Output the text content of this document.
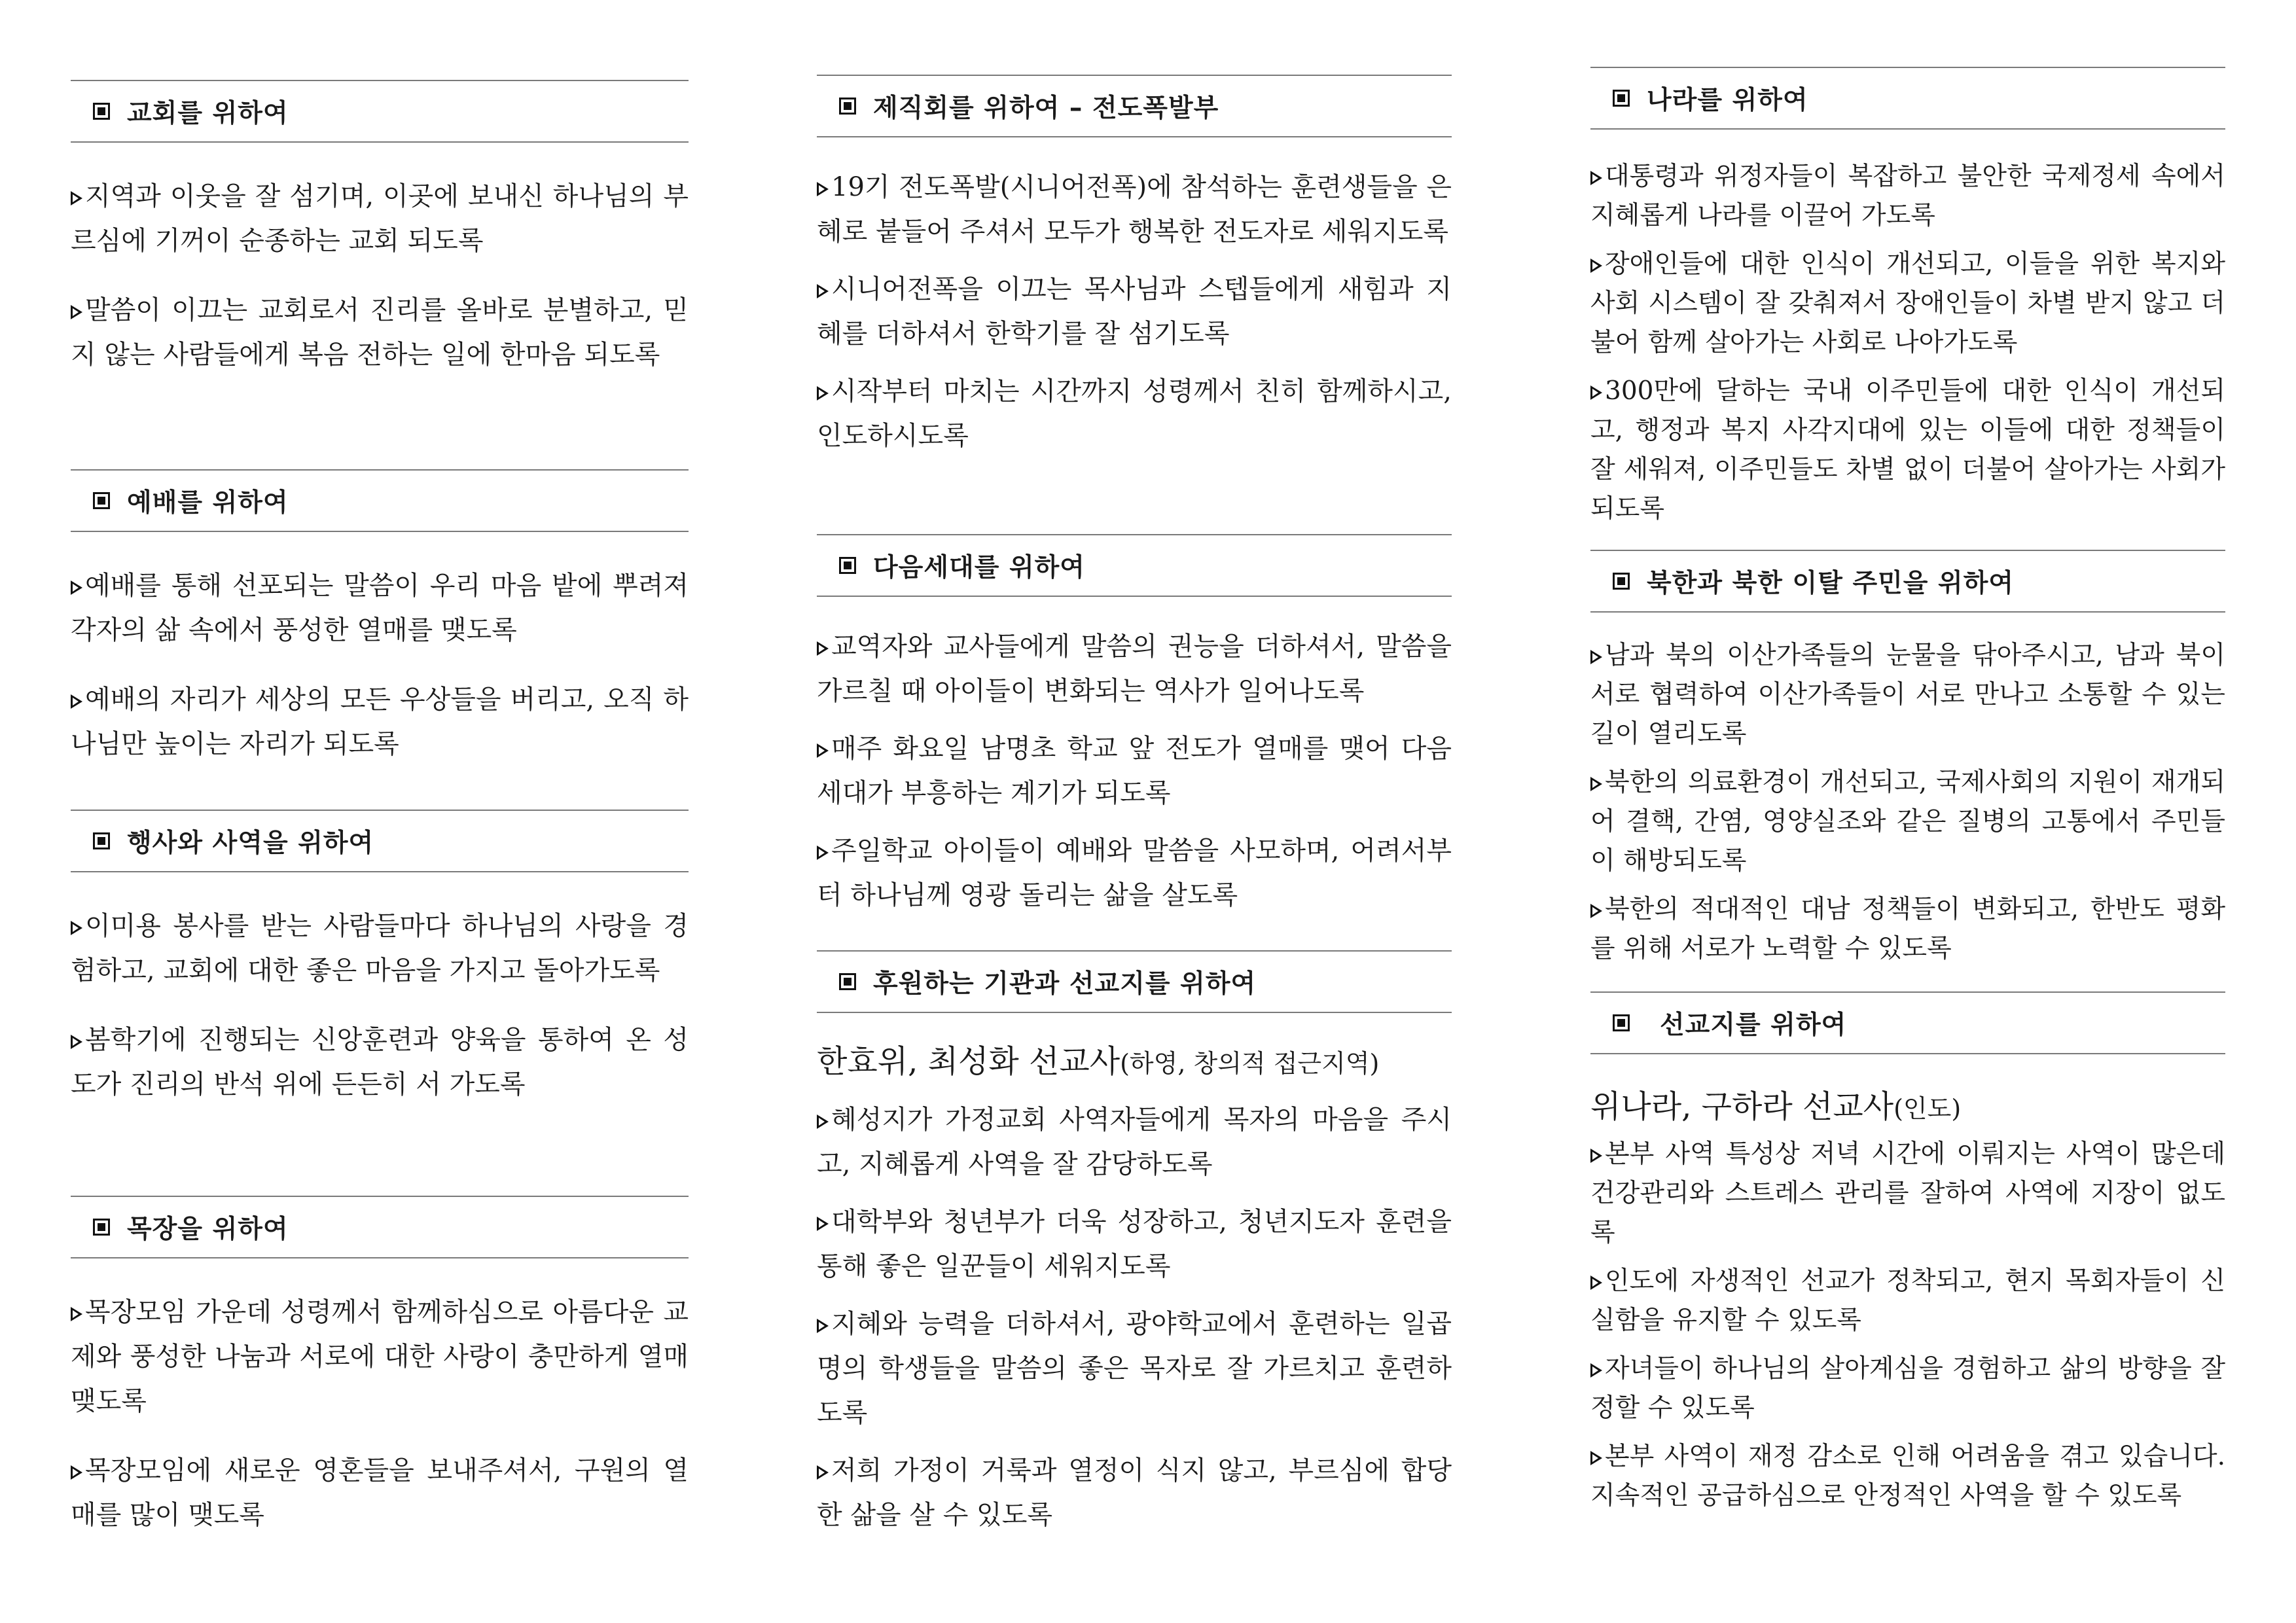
교회를 위하여

지역과 이웃을 잘 섬기며, 이곳에 보내신 하나님의 부르심에 기꺼이 순종하는 교회 되도록

말씀이 이끄는 교회로서 진리를 올바로 분별하고, 믿지 않는 사람들에게 복음 전하는 일에 한마음 되도록

예배를 위하여

예배를 통해 선포되는 말씀이 우리 마음 밭에 뿌려져 각자의 삶 속에서 풍성한 열매를 맺도록

예배의 자리가 세상의 모든 우상들을 버리고, 오직 하나님만 높이는 자리가 되도록

행사와 사역을 위하여

이미용 봉사를 받는 사람들마다 하나님의 사랑을 경험하고, 교회에 대한 좋은 마음을 가지고 돌아가도록

봄학기에 진행되는 신앙훈련과 양육을 통하여 온 성도가 진리의 반석 위에 든든히 서 가도록

목장을 위하여

목장모임 가운데 성령께서 함께하심으로 아름다운 교제와 풍성한 나눔과 서로에 대한 사랑이 충만하게 열매 맺도록

목장모임에 새로운 영혼들을 보내주셔서, 구원의 열매를 많이 맺도록

제직회를 위하여 – 전도폭발부

19기 전도폭발(시니어전폭)에 참석하는 훈련생들을 은혜로 붙들어 주셔서 모두가 행복한 전도자로 세워지도록

시니어전폭을 이끄는 목사님과 스텝들에게 새힘과 지혜를 더하셔서 한학기를 잘 섬기도록

시작부터 마치는 시간까지 성령께서 친히 함께하시고, 인도하시도록

다음세대를 위하여

교역자와 교사들에게 말씀의 권능을 더하셔서, 말씀을 가르칠 때 아이들이 변화되는 역사가 일어나도록

매주 화요일 남명초 학교 앞 전도가 열매를 맺어 다음세대가 부흥하는 계기가 되도록

주일학교 아이들이 예배와 말씀을 사모하며, 어려서부터 하나님께 영광 돌리는 삶을 살도록

후원하는 기관과 선교지를 위하여

한효위, 최성화 선교사(하영, 창의적 접근지역)

혜성지가 가정교회 사역자들에게 목자의 마음을 주시고, 지혜롭게 사역을 잘 감당하도록

대학부와 청년부가 더욱 성장하고, 청년지도자 훈련을 통해 좋은 일꾼들이 세워지도록

지혜와 능력을 더하셔서, 광야학교에서 훈련하는 일곱명의 학생들을 말씀의 좋은 목자로 잘 가르치고 훈련하도록

저희 가정이 거룩과 열정이 식지 않고, 부르심에 합당한 삶을 살 수 있도록

나라를 위하여

대통령과 위정자들이 복잡하고 불안한 국제정세 속에서 지혜롭게 나라를 이끌어 가도록

장애인들에 대한 인식이 개선되고, 이들을 위한 복지와 사회 시스템이 잘 갖춰져서 장애인들이 차별 받지 않고 더불어 함께 살아가는 사회로 나아가도록

300만에 달하는 국내 이주민들에 대한 인식이 개선되고, 행정과 복지 사각지대에 있는 이들에 대한 정책들이 잘 세워져, 이주민들도 차별 없이 더불어 살아가는 사회가 되도록

북한과 북한 이탈 주민을 위하여

남과 북의 이산가족들의 눈물을 닦아주시고, 남과 북이 서로 협력하여 이산가족들이 서로 만나고 소통할 수 있는 길이 열리도록

북한의 의료환경이 개선되고, 국제사회의 지원이 재개되어 결핵, 간염, 영양실조와 같은 질병의 고통에서 주민들이 해방되도록

북한의 적대적인 대남 정책들이 변화되고, 한반도 평화를 위해 서로가 노력할 수 있도록

선교지를 위하여

위나라, 구하라 선교사(인도)

본부 사역 특성상 저녁 시간에 이뤄지는 사역이 많은데 건강관리와 스트레스 관리를 잘하여 사역에 지장이 없도록

인도에 자생적인 선교가 정착되고, 현지 목회자들이 신실함을 유지할 수 있도록

자녀들이 하나님의 살아계심을 경험하고 삶의 방향을 잘 정할 수 있도록

본부 사역이 재정 감소로 인해 어려움을 겪고 있습니다. 지속적인 공급하심으로 안정적인 사역을 할 수 있도록
